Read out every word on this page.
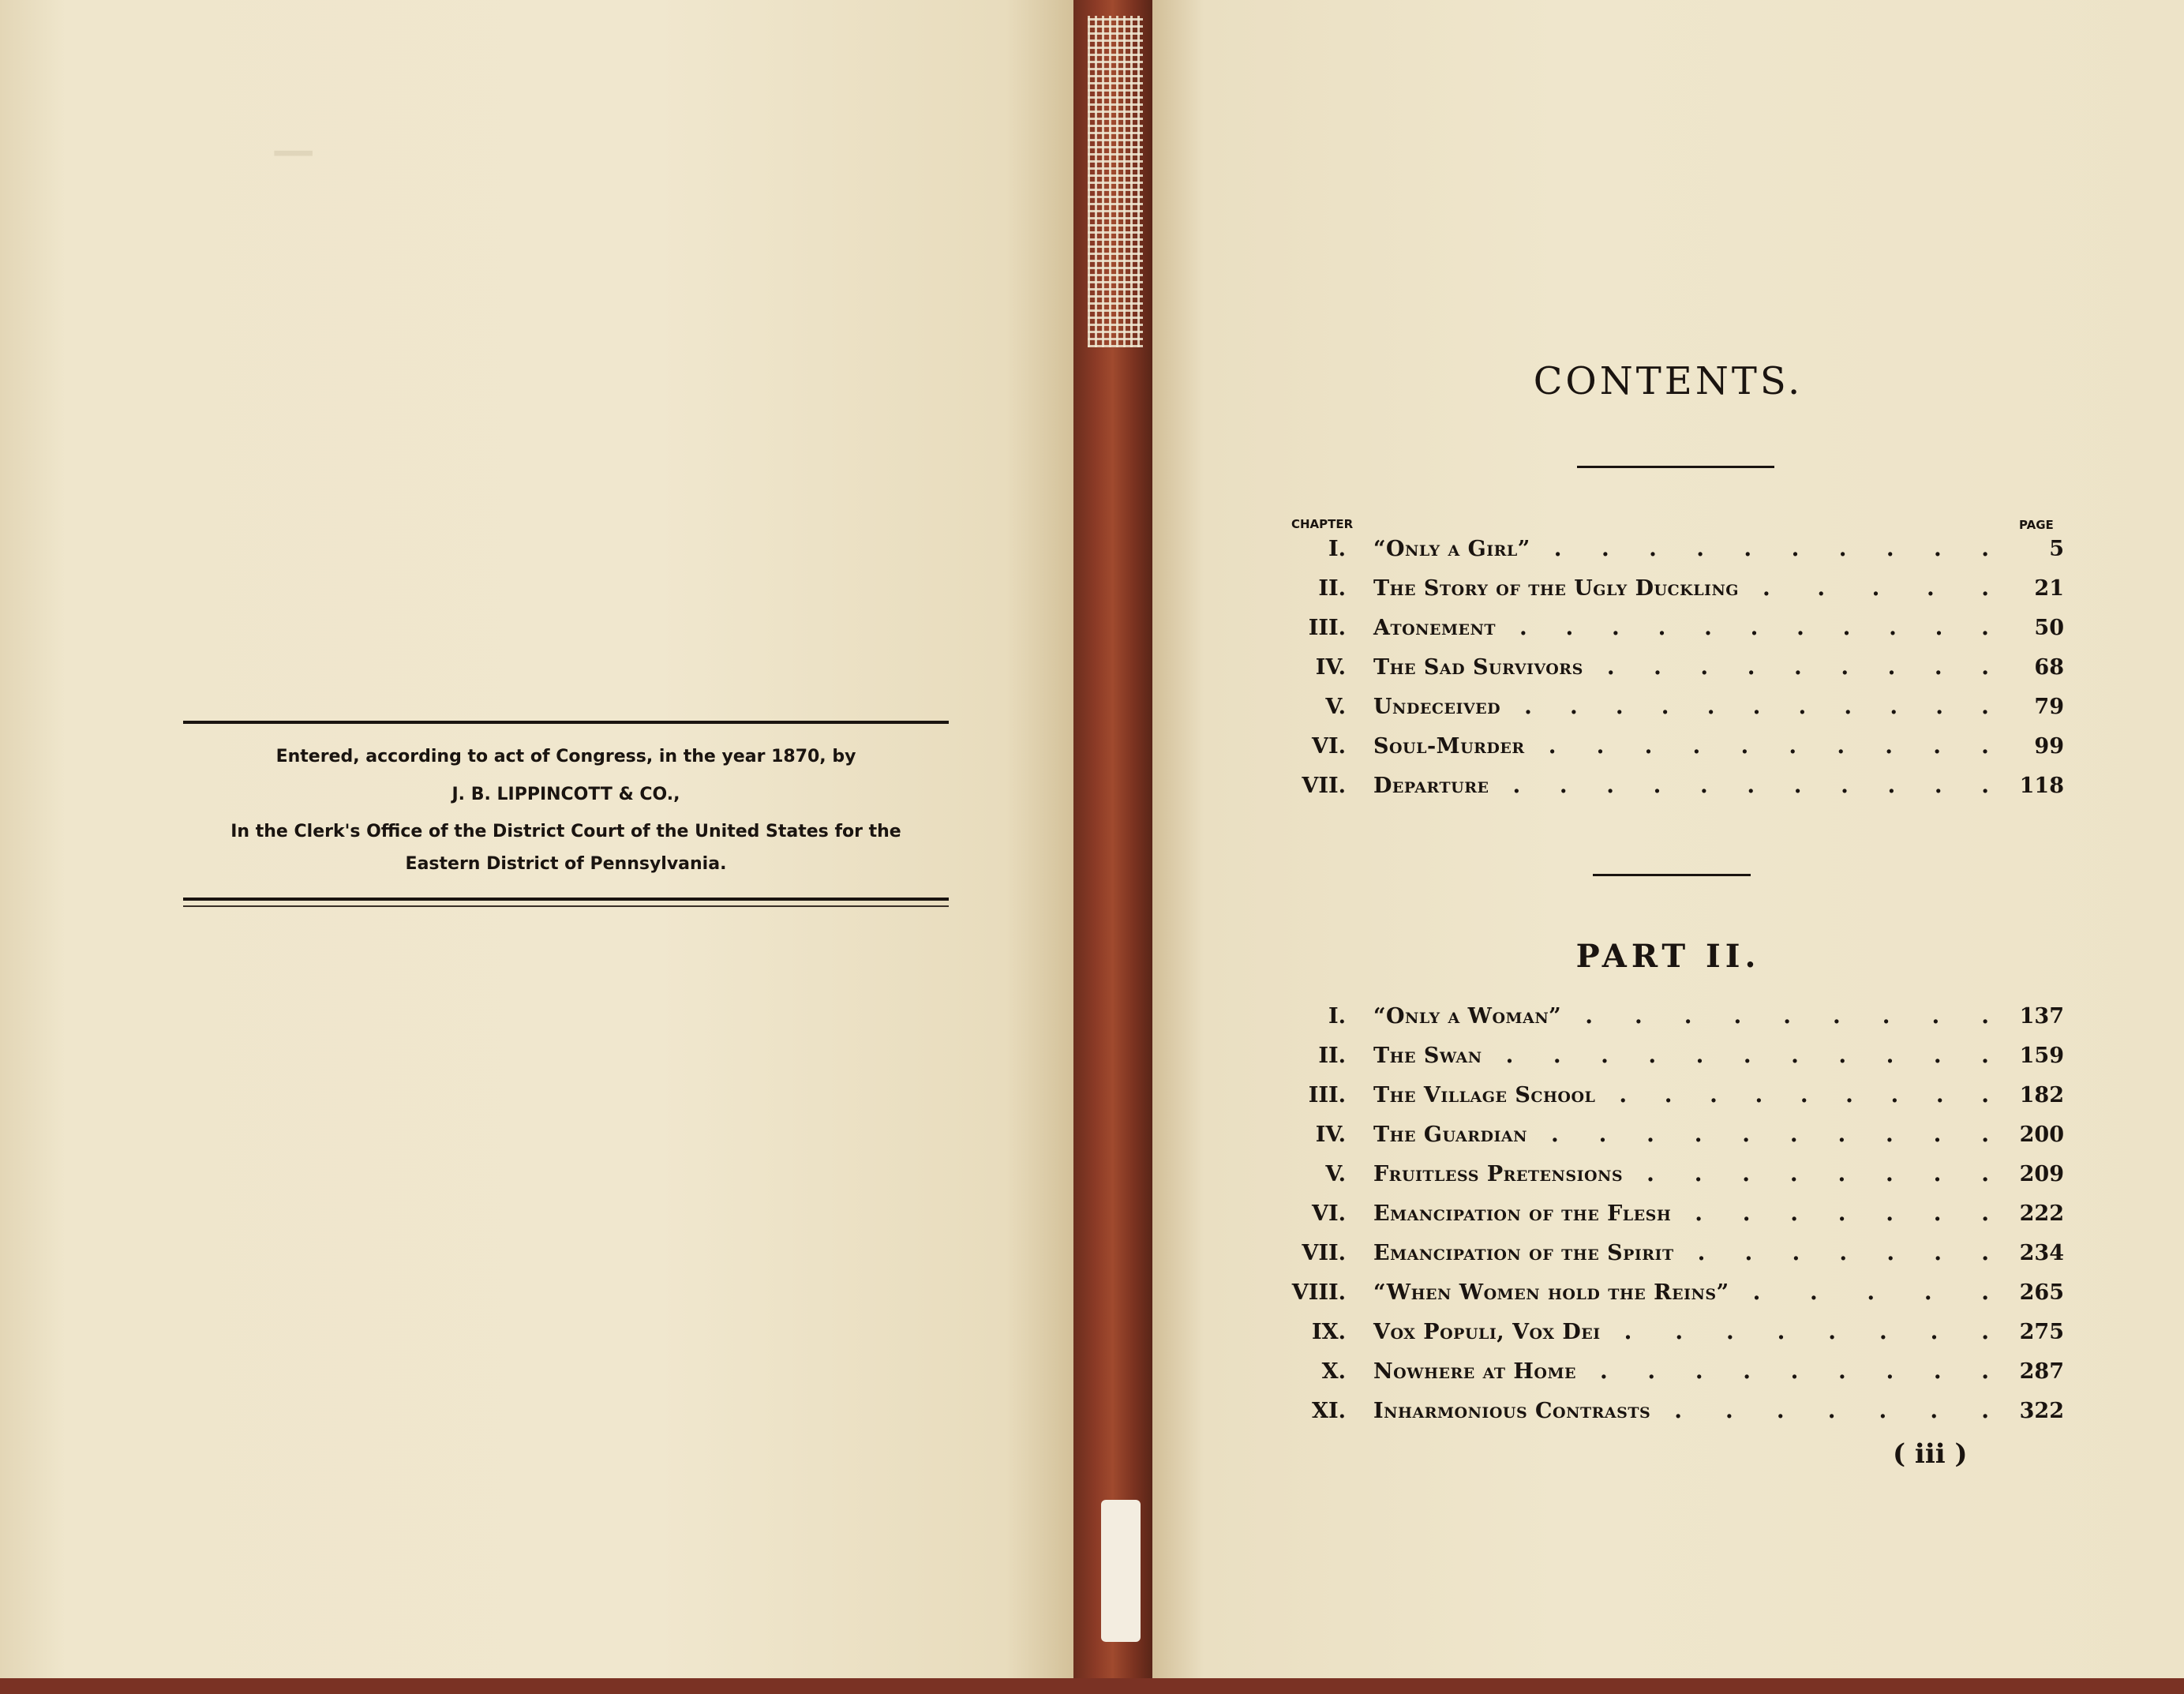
─
Entered, according to act of Congress, in the year 1870, by
J. B. LIPPINCOTT & CO.,
In the Clerk's Office of the District Court of the United States for the
Eastern District of Pennsylvania.
CONTENTS.
CHAPTER	PAGE
I. “Only a Girl”	5
. . . . . . . . . .
II. The Story of the Ugly Duckling	21
. . . . .
III. Atonement	50
. . . . . . . . . . .
IV. The Sad Survivors	68
. . . . . . . . .
V. Undeceived	79
. . . . . . . . . . .
VI. Soul-Murder	99
. . . . . . . . . .
VII. Departure	118
. . . . . . . . . . .
PART II.
I. “Only a Woman”	137
. . . . . . . . .
II. The Swan	159
. . . . . . . . . . .
III. The Village School	182
. . . . . . . . .
IV. The Guardian	200
. . . . . . . . . .
V. Fruitless Pretensions	209
. . . . . . . .
VI. Emancipation of the Flesh	222
. . . . . . .
VII. Emancipation of the Spirit	234
. . . . . . .
VIII. “When Women hold the Reins”	265
. . . . .
IX. Vox Populi, Vox Dei	275
. . . . . . . .
X. Nowhere at Home	287
. . . . . . . . .
XI. Inharmonious Contrasts	322
. . . . . . .
( iii )
